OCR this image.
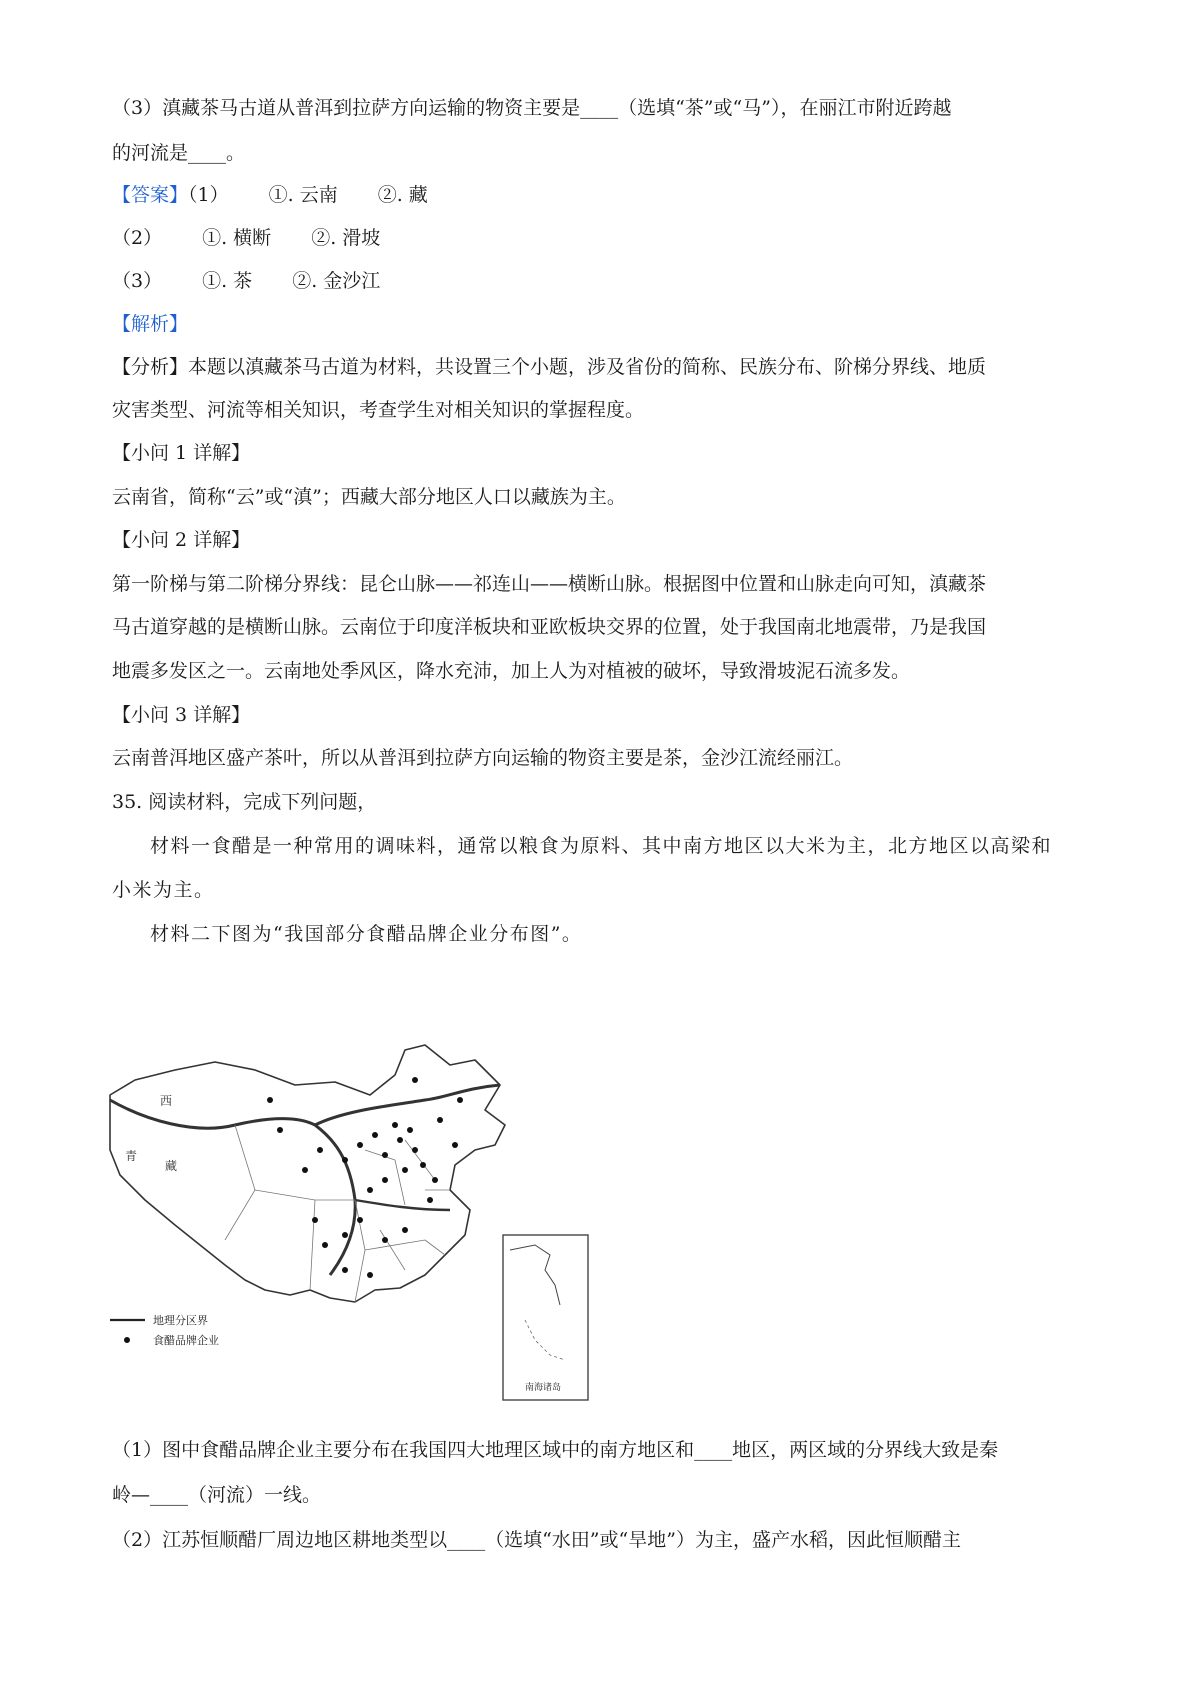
（3）滇藏茶马古道从普洱到拉萨方向运输的物资主要是____（选填“茶”或“马”），在丽江市附近跨越
的河流是____。
【答案】（1） ①. 云南 ②. 藏
（2） ①. 横断 ②. 滑坡
（3） ①. 茶 ②. 金沙江
【解析】
【分析】本题以滇藏茶马古道为材料，共设置三个小题，涉及省份的简称、民族分布、阶梯分界线、地质
灾害类型、河流等相关知识，考查学生对相关知识的掌握程度。
【小问 1 详解】
云南省，简称“云”或“滇”；西藏大部分地区人口以藏族为主。
【小问 2 详解】
第一阶梯与第二阶梯分界线：昆仑山脉——祁连山——横断山脉。根据图中位置和山脉走向可知，滇藏茶
马古道穿越的是横断山脉。云南位于印度洋板块和亚欧板块交界的位置，处于我国南北地震带，乃是我国
地震多发区之一。云南地处季风区，降水充沛，加上人为对植被的破坏，导致滑坡泥石流多发。
【小问 3 详解】
云南普洱地区盛产茶叶，所以从普洱到拉萨方向运输的物资主要是茶，金沙江流经丽江。
35. 阅读材料，完成下列问题，
材料一食醋是一种常用的调味料，通常以粮食为原料、其中南方地区以大米为主，北方地区以高梁和
小米为主。
材料二下图为“我国部分食醋品牌企业分布图”。
西
青
藏
地理分区界
食醋品牌企业
南海诸岛
（1）图中食醋品牌企业主要分布在我国四大地理区域中的南方地区和____地区，两区域的分界线大致是秦
岭—____（河流）一线。
（2）江苏恒顺醋厂周边地区耕地类型以____（选填“水田”或“旱地”）为主，盛产水稻，因此恒顺醋主
